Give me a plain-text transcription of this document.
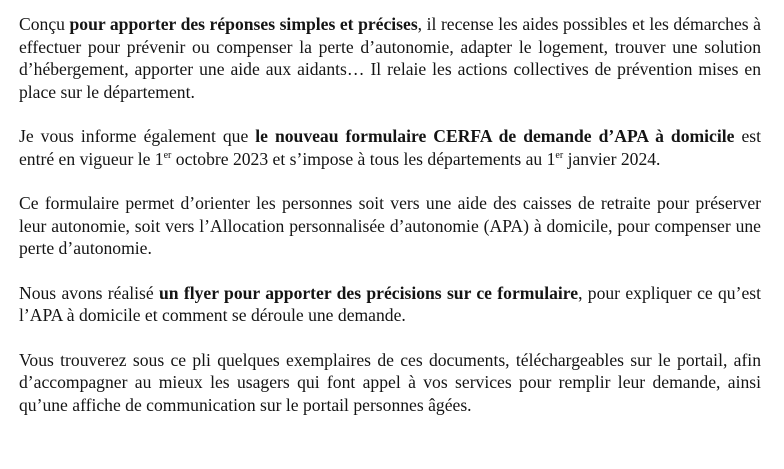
Conçu pour apporter des réponses simples et précises, il recense les aides possibles et les démarches à effectuer pour prévenir ou compenser la perte d’autonomie, adapter le logement, trouver une solution d’hébergement, apporter une aide aux aidants… Il relaie les actions collectives de prévention mises en place sur le département.

Je vous informe également que le nouveau formulaire CERFA de demande d’APA à domicile est entré en vigueur le 1er octobre 2023 et s’impose à tous les départements au 1er janvier 2024.

Ce formulaire permet d’orienter les personnes soit vers une aide des caisses de retraite pour préserver leur autonomie, soit vers l’Allocation personnalisée d’autonomie (APA) à domicile, pour compenser une perte d’autonomie.

Nous avons réalisé un flyer pour apporter des précisions sur ce formulaire, pour expliquer ce qu’est l’APA à domicile et comment se déroule une demande.

Vous trouverez sous ce pli quelques exemplaires de ces documents, téléchargeables sur le portail, afin d’accompagner au mieux les usagers qui font appel à vos services pour remplir leur demande, ainsi qu’une affiche de communication sur le portail personnes âgées.
